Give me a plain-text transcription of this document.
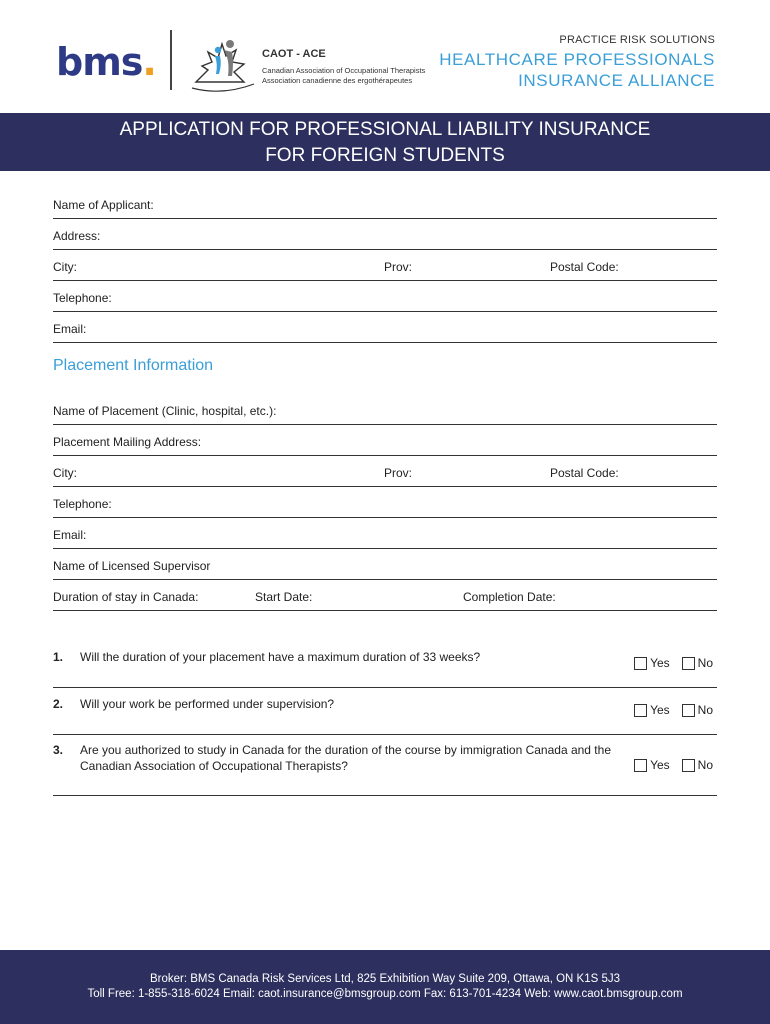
bms.	CAOT - ACE
Canadian Association of Occupational Therapists
Association canadienne des ergothérapeutes
PRACTICE RISK SOLUTIONS
HEALTHCARE PROFESSIONALS
INSURANCE ALLIANCE
APPLICATION FOR PROFESSIONAL LIABILITY INSURANCE
FOR FOREIGN STUDENTS
Name of Applicant:
Address:
City:	Prov:	Postal Code:
Telephone:
Email:
Placement Information
Name of Placement (Clinic, hospital, etc.):
Placement Mailing Address:
City:	Prov:	Postal Code:
Telephone:
Email:
Name of Licensed Supervisor
Duration of stay in Canada:	Start Date:	Completion Date:
1. Will the duration of your placement have a maximum duration of 33 weeks?	Yes No
2. Will your work be performed under supervision?	Yes No
3. Are you authorized to study in Canada for the duration of the course by immigration Canada and the Canadian Association of Occupational Therapists?	Yes No
Broker: BMS Canada Risk Services Ltd, 825 Exhibition Way Suite 209, Ottawa, ON K1S 5J3
Toll Free: 1-855-318-6024 Email: caot.insurance@bmsgroup.com Fax: 613-701-4234 Web: www.caot.bmsgroup.com
